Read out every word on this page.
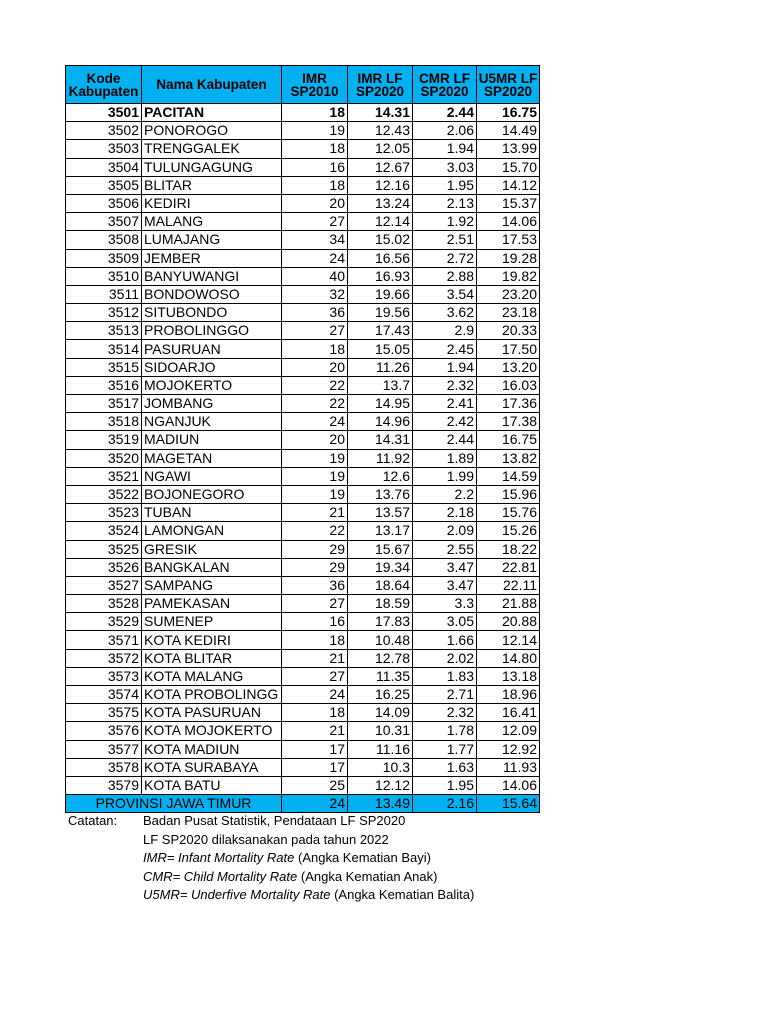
Kode Kabupaten	Nama Kabupaten	IMR SP2010	IMR LF SP2020	CMR LF SP2020	U5MR LF SP2020
3501	PACITAN	18	14.31	2.44	16.75
3502	PONOROGO	19	12.43	2.06	14.49
3503	TRENGGALEK	18	12.05	1.94	13.99
3504	TULUNGAGUNG	16	12.67	3.03	15.70
3505	BLITAR	18	12.16	1.95	14.12
3506	KEDIRI	20	13.24	2.13	15.37
3507	MALANG	27	12.14	1.92	14.06
3508	LUMAJANG	34	15.02	2.51	17.53
3509	JEMBER	24	16.56	2.72	19.28
3510	BANYUWANGI	40	16.93	2.88	19.82
3511	BONDOWOSO	32	19.66	3.54	23.20
3512	SITUBONDO	36	19.56	3.62	23.18
3513	PROBOLINGGO	27	17.43	2.9	20.33
3514	PASURUAN	18	15.05	2.45	17.50
3515	SIDOARJO	20	11.26	1.94	13.20
3516	MOJOKERTO	22	13.7	2.32	16.03
3517	JOMBANG	22	14.95	2.41	17.36
3518	NGANJUK	24	14.96	2.42	17.38
3519	MADIUN	20	14.31	2.44	16.75
3520	MAGETAN	19	11.92	1.89	13.82
3521	NGAWI	19	12.6	1.99	14.59
3522	BOJONEGORO	19	13.76	2.2	15.96
3523	TUBAN	21	13.57	2.18	15.76
3524	LAMONGAN	22	13.17	2.09	15.26
3525	GRESIK	29	15.67	2.55	18.22
3526	BANGKALAN	29	19.34	3.47	22.81
3527	SAMPANG	36	18.64	3.47	22.11
3528	PAMEKASAN	27	18.59	3.3	21.88
3529	SUMENEP	16	17.83	3.05	20.88
3571	KOTA KEDIRI	18	10.48	1.66	12.14
3572	KOTA BLITAR	21	12.78	2.02	14.80
3573	KOTA MALANG	27	11.35	1.83	13.18
3574	KOTA PROBOLINGG	24	16.25	2.71	18.96
3575	KOTA PASURUAN	18	14.09	2.32	16.41
3576	KOTA MOJOKERTO	21	10.31	1.78	12.09
3577	KOTA MADIUN	17	11.16	1.77	12.92
3578	KOTA SURABAYA	17	10.3	1.63	11.93
3579	KOTA BATU	25	12.12	1.95	14.06
PROVINSI JAWA TIMUR		24	13.49	2.16	15.64
Catatan:	Badan Pusat Statistik, Pendataan LF SP2020
LF SP2020 dilaksanakan pada tahun 2022
IMR= Infant Mortality Rate (Angka Kematian Bayi)
CMR= Child Mortality Rate (Angka Kematian Anak)
U5MR= Underfive Mortality Rate (Angka Kematian Balita)
